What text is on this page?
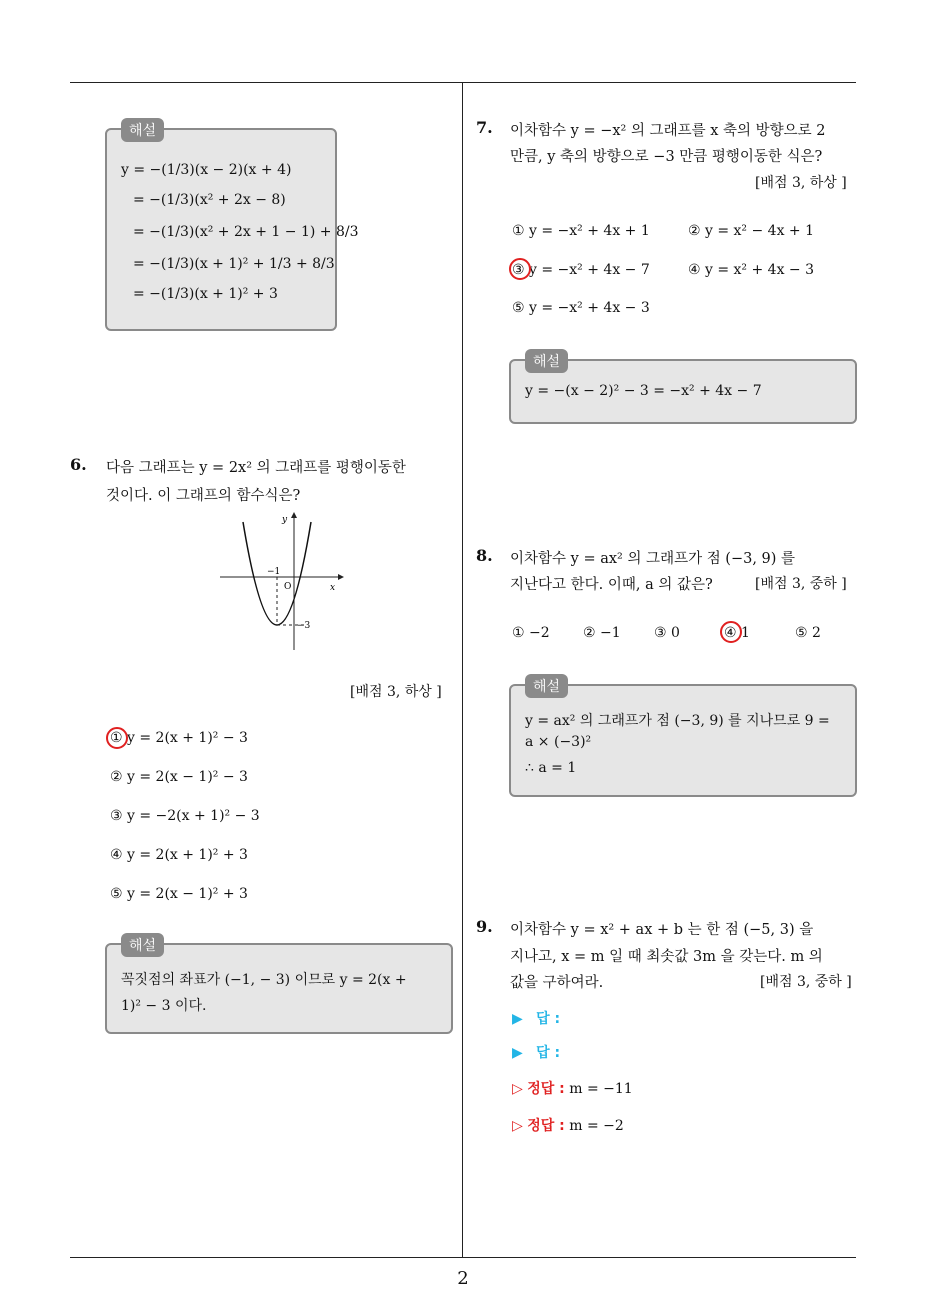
해설
y = −(1/3)(x − 2)(x + 4)
= −(1/3)(x² + 2x − 8)
= −(1/3)(x² + 2x + 1 − 1) + 8/3
= −(1/3)(x + 1)² + 1/3 + 8/3
= −(1/3)(x + 1)² + 3
6. 다음 그래프는 y = 2x² 의 그래프를 평행이동한
것이다. 이 그래프의 함수식은?
y
x
O
−1
−3
[배점 3, 하상 ]
① y = 2(x + 1)² − 3
② y = 2(x − 1)² − 3
③ y = −2(x + 1)² − 3
④ y = 2(x + 1)² + 3
⑤ y = 2(x − 1)² + 3
해설
꼭짓점의 좌표가 (−1, − 3) 이므로 y = 2(x +
1)² − 3 이다.
7. 이차함수 y = −x² 의 그래프를 x 축의 방향으로 2
만큼, y 축의 방향으로 −3 만큼 평행이동한 식은?
[배점 3, 하상 ]
① y = −x² + 4x + 1	② y = x² − 4x + 1
③ y = −x² + 4x − 7	④ y = x² + 4x − 3
⑤ y = −x² + 4x − 3
해설
y = −(x − 2)² − 3 = −x² + 4x − 7
8. 이차함수 y = ax² 의 그래프가 점 (−3, 9) 를
지난다고 한다. 이때, a 의 값은?	[배점 3, 중하 ]
① −2 ② −1 ③ 0	④ 1	⑤ 2
해설
y = ax² 의 그래프가 점 (−3, 9) 를 지나므로 9 =
a × (−3)²
∴ a = 1
9. 이차함수 y = x² + ax + b 는 한 점 (−5, 3) 을
지나고, x = m 일 때 최솟값 3m 을 갖는다. m 의
값을 구하여라.	[배점 3, 중하 ]
▶ 답 :
▶ 답 :
▷ 정답 : m = −11
▷ 정답 : m = −2
2
